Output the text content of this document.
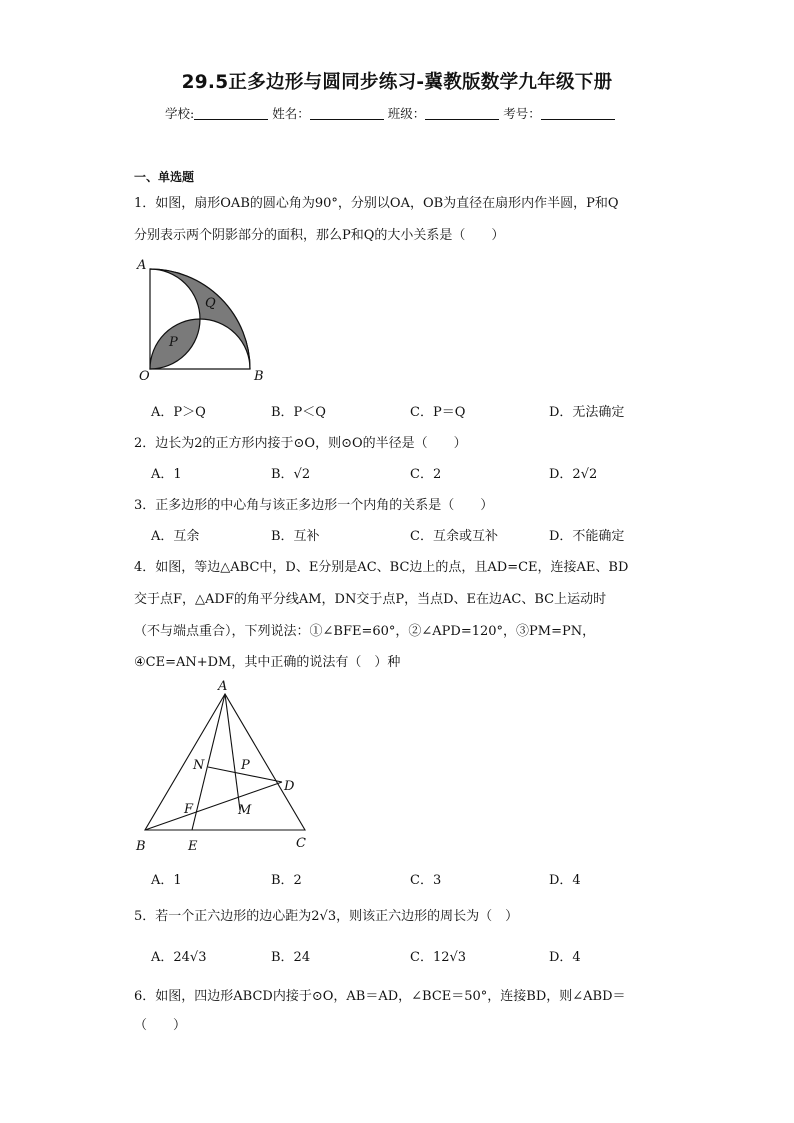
29.5正多边形与圆同步练习-冀教版数学九年级下册
学校:	姓名：	班级：	考号：
一、单选题
1．如图，扇形OAB的圆心角为90°，分别以OA，OB为直径在扇形内作半圆，P和Q
分别表示两个阴影部分的面积，那么P和Q的大小关系是（　　）
A
O	B
P
Q
A．P＞Q	B．P＜Q	C．P＝Q	D．无法确定
2．边长为2的正方形内接于⊙O，则⊙O的半径是（　　）
A．1	B．√2	C．2	D．2√2
3．正多边形的中心角与该正多边形一个内角的关系是（　　）
A．互余	B．互补	C．互余或互补	D．不能确定
4．如图，等边△ABC中，D、E分别是AC、BC边上的点，且AD=CE，连接AE、BD
交于点F，△ADF的角平分线AM，DN交于点P，当点D、E在边AC、BC上运动时
（不与端点重合），下列说法：①∠BFE=60°，②∠APD=120°，③PM=PN，
④CE=AN+DM，其中正确的说法有（　）种
A
B	C
D
E
F
N	P
M
A．1	B．2	C．3	D．4
5．若一个正六边形的边心距为2√3，则该正六边形的周长为（　）
A．24√3	B．24	C．12√3	D．4
6．如图，四边形ABCD内接于⊙O，AB＝AD，∠BCE＝50°，连接BD，则∠ABD＝
（　　）
